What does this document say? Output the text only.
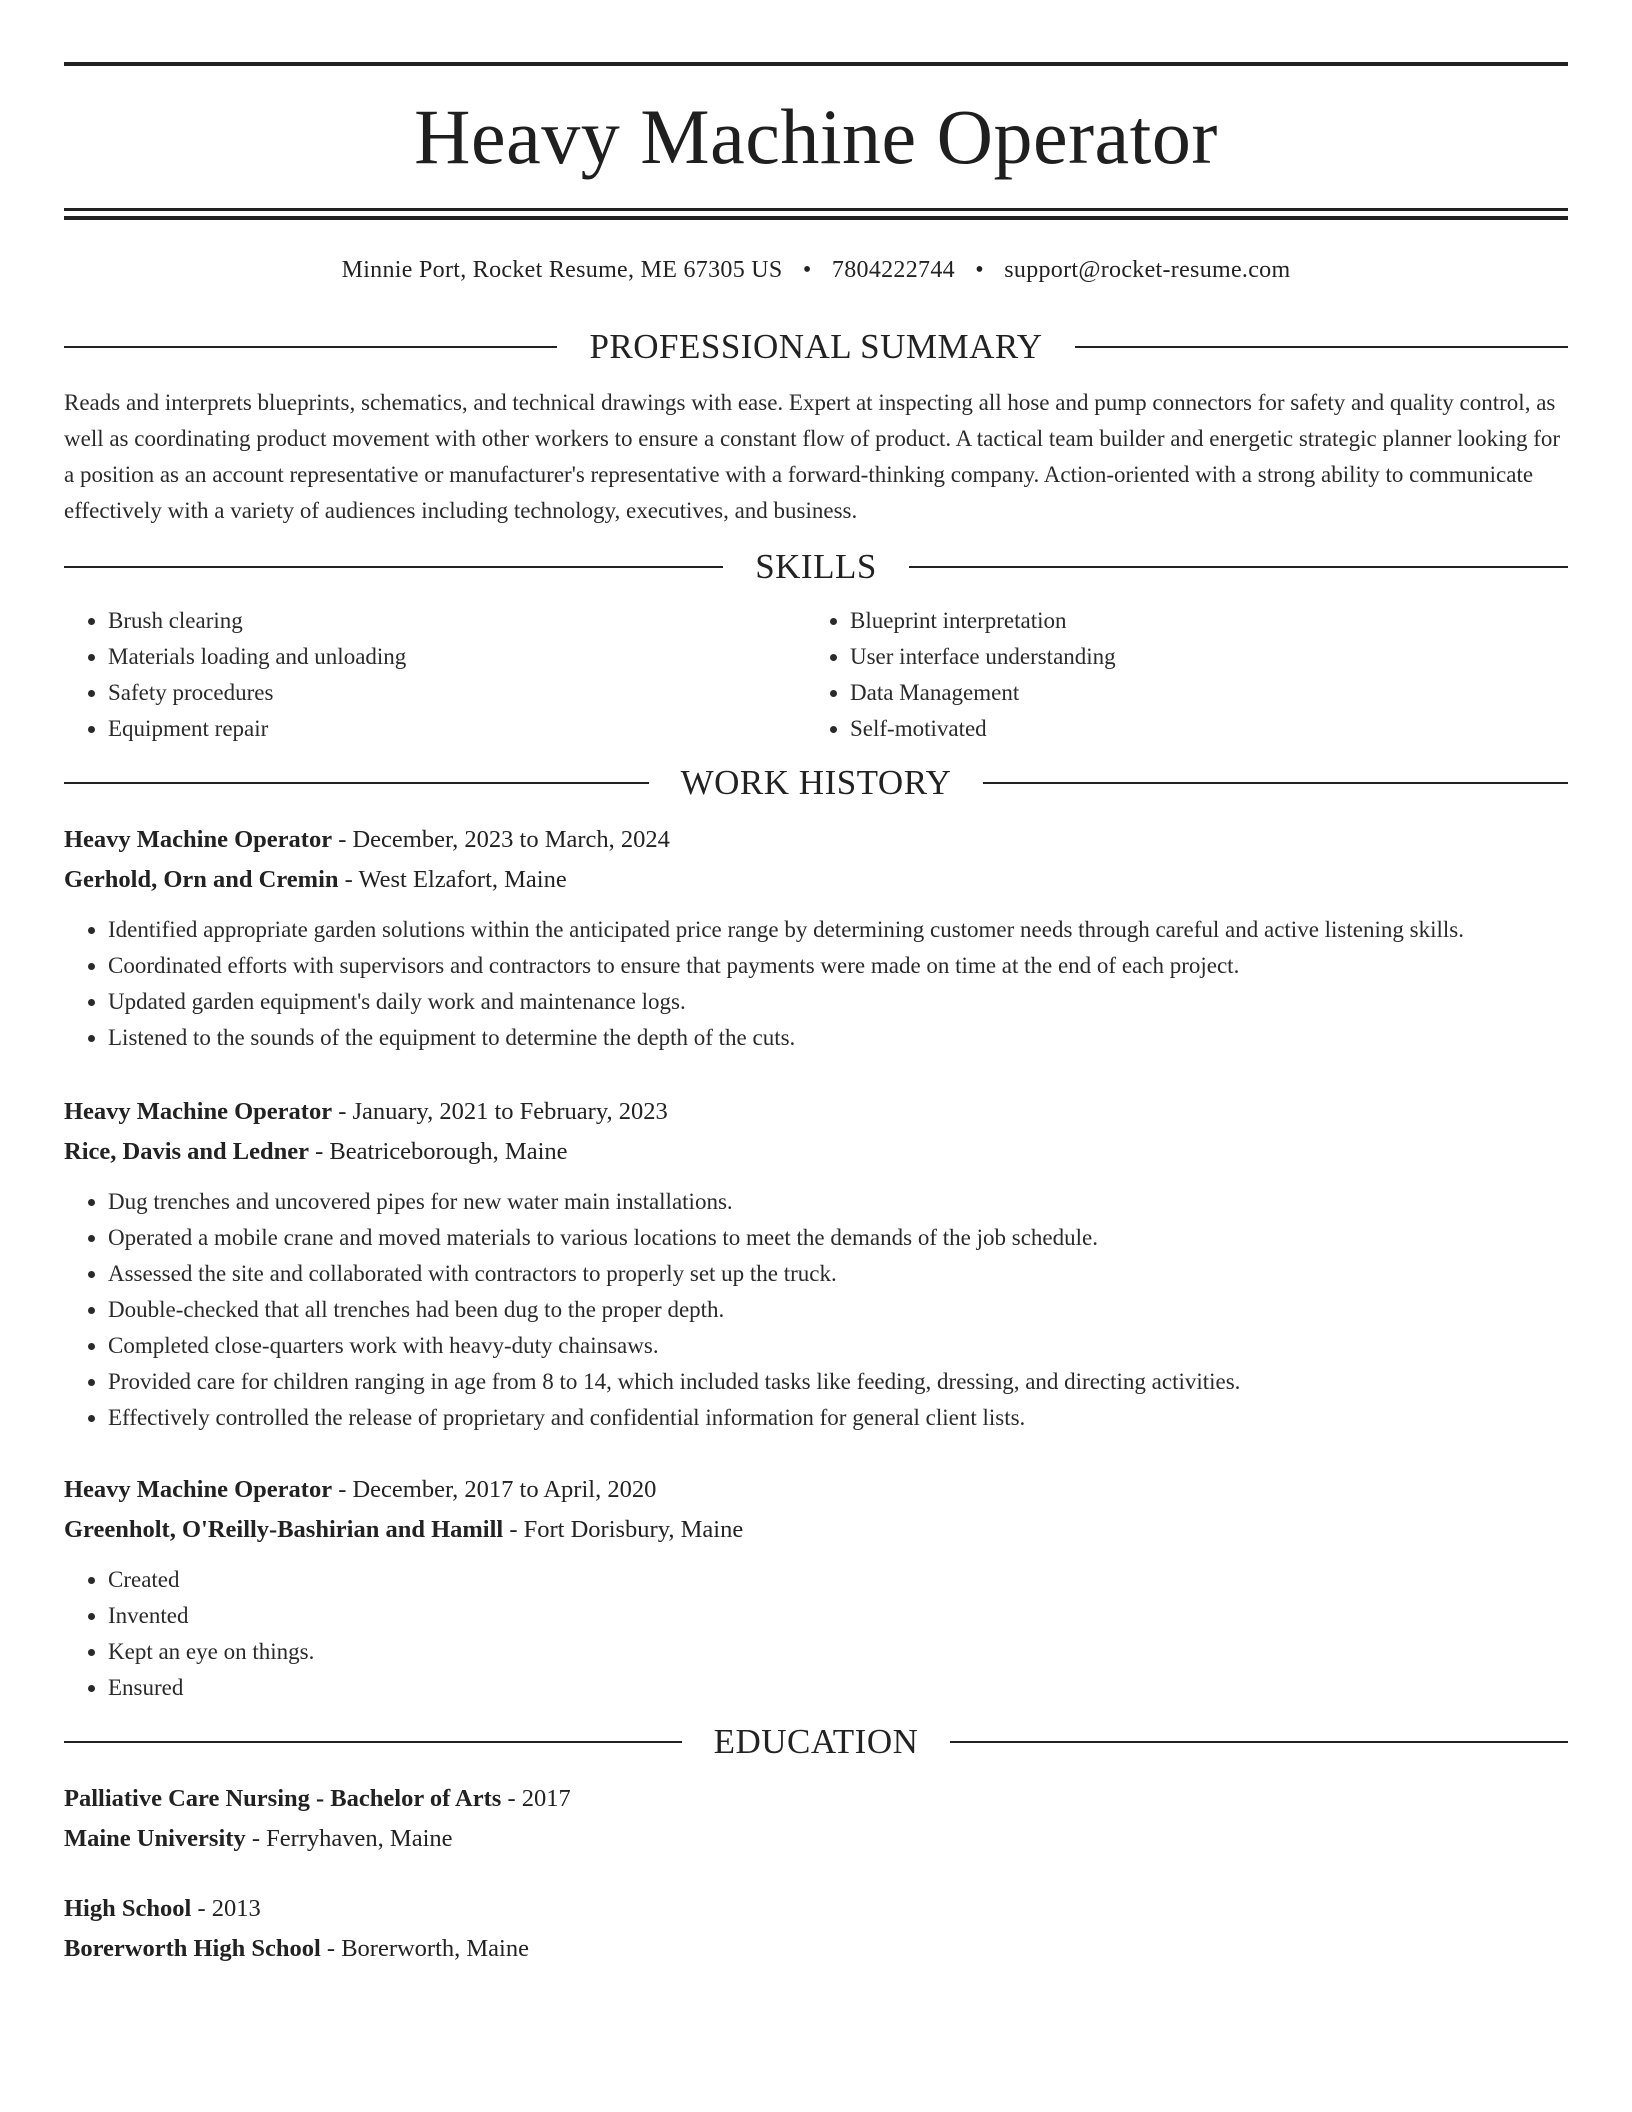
Heavy Machine Operator
Minnie Port, Rocket Resume, ME 67305 US • 7804222744 • support@rocket-resume.com
PROFESSIONAL SUMMARY

Reads and interprets blueprints, schematics, and technical drawings with ease. Expert at inspecting all hose and pump connectors for safety and quality control, as well as coordinating product movement with other workers to ensure a constant flow of product. A tactical team builder and energetic strategic planner looking for a position as an account representative or manufacturer's representative with a forward-thinking company. Action-oriented with a strong ability to communicate effectively with a variety of audiences including technology, executives, and business.

SKILLS
• Brush clearing
• Materials loading and unloading
• Safety procedures
• Equipment repair
• Blueprint interpretation
• User interface understanding
• Data Management
• Self-motivated
WORK HISTORY
Heavy Machine Operator - December, 2023 to March, 2024
Gerhold, Orn and Cremin - West Elzafort, Maine
• Identified appropriate garden solutions within the anticipated price range by determining customer needs through careful and active listening skills.
• Coordinated efforts with supervisors and contractors to ensure that payments were made on time at the end of each project.
• Updated garden equipment's daily work and maintenance logs.
• Listened to the sounds of the equipment to determine the depth of the cuts.
Heavy Machine Operator - January, 2021 to February, 2023
Rice, Davis and Ledner - Beatriceborough, Maine
• Dug trenches and uncovered pipes for new water main installations.
• Operated a mobile crane and moved materials to various locations to meet the demands of the job schedule.
• Assessed the site and collaborated with contractors to properly set up the truck.
• Double-checked that all trenches had been dug to the proper depth.
• Completed close-quarters work with heavy-duty chainsaws.
• Provided care for children ranging in age from 8 to 14, which included tasks like feeding, dressing, and directing activities.
• Effectively controlled the release of proprietary and confidential information for general client lists.
Heavy Machine Operator - December, 2017 to April, 2020
Greenholt, O'Reilly-Bashirian and Hamill - Fort Dorisbury, Maine
• Created
• Invented
• Kept an eye on things.
• Ensured
EDUCATION
Palliative Care Nursing - Bachelor of Arts - 2017
Maine University - Ferryhaven, Maine
High School - 2013
Borerworth High School - Borerworth, Maine
